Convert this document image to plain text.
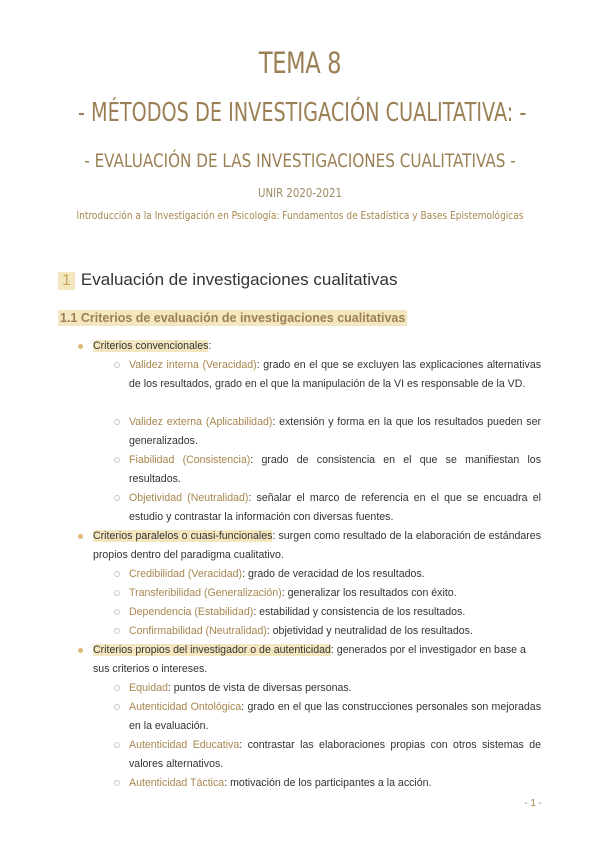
TEMA 8
- MÉTODOS DE INVESTIGACIÓN CUALITATIVA: -
- EVALUACIÓN DE LAS INVESTIGACIONES CUALITATIVAS -
UNIR 2020-2021
Introducción a la Investigación en Psicología: Fundamentos de Estadística y Bases Epistemológicas
1 Evaluación de investigaciones cualitativas
1.1 Criterios de evaluación de investigaciones cualitativas
Criterios convencionales:
Validez interna (Veracidad): grado en el que se excluyen las explicaciones alternativas de los resultados, grado en el que la manipulación de la VI es responsable de la VD.
Validez externa (Aplicabilidad): extensión y forma en la que los resultados pueden ser generalizados.
Fiabilidad (Consistencia): grado de consistencia en el que se manifiestan los resultados.
Objetividad (Neutralidad): señalar el marco de referencia en el que se encuadra el estudio y contrastar la información con diversas fuentes.
Criterios paralelos o cuasi-funcionales: surgen como resultado de la elaboración de estándares propios dentro del paradigma cualitativo.
Credibilidad (Veracidad): grado de veracidad de los resultados.
Transferibilidad (Generalización): generalizar los resultados con éxito.
Dependencia (Estabilidad): estabilidad y consistencia de los resultados.
Confirmabilidad (Neutralidad): objetividad y neutralidad de los resultados.
Criterios propios del investigador o de autenticidad: generados por el investigador en base a sus criterios o intereses.
Equidad: puntos de vista de diversas personas.
Autenticidad Ontológica: grado en el que las construcciones personales son mejoradas en la evaluación.
Autenticidad Educativa: contrastar las elaboraciones propias con otros sistemas de valores alternativos.
Autenticidad Táctica: motivación de los participantes a la acción.
- 1 -
